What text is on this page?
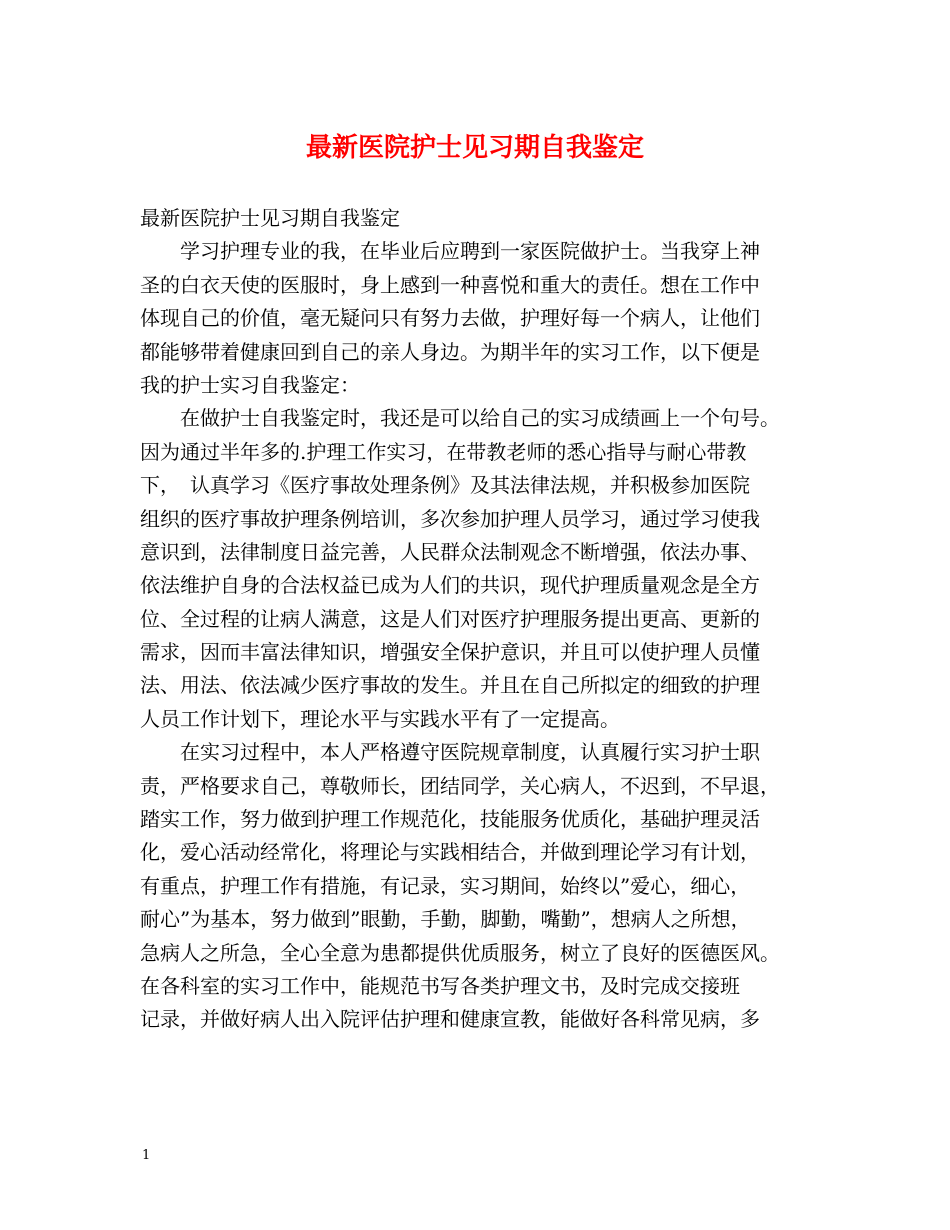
最新医院护士见习期自我鉴定
最新医院护士见习期自我鉴定
　　学习护理专业的我，在毕业后应聘到一家医院做护士。当我穿上神
圣的白衣天使的医服时，身上感到一种喜悦和重大的责任。想在工作中
体现自己的价值，毫无疑问只有努力去做，护理好每一个病人，让他们
都能够带着健康回到自己的亲人身边。为期半年的实习工作，以下便是
我的护士实习自我鉴定：
　　在做护士自我鉴定时，我还是可以给自己的实习成绩画上一个句号。
因为通过半年多的.护理工作实习，在带教老师的悉心指导与耐心带教
下，　认真学习《医疗事故处理条例》及其法律法规，并积极参加医院
组织的医疗事故护理条例培训，多次参加护理人员学习，通过学习使我
意识到，法律制度日益完善，人民群众法制观念不断增强，依法办事、
依法维护自身的合法权益已成为人们的共识，现代护理质量观念是全方
位、全过程的让病人满意，这是人们对医疗护理服务提出更高、更新的
需求，因而丰富法律知识，增强安全保护意识，并且可以使护理人员懂
法、用法、依法减少医疗事故的发生。并且在自己所拟定的细致的护理
人员工作计划下，理论水平与实践水平有了一定提高。
　　在实习过程中，本人严格遵守医院规章制度，认真履行实习护士职
责，严格要求自己，尊敬师长，团结同学，关心病人，不迟到，不早退，
踏实工作，努力做到护理工作规范化，技能服务优质化，基础护理灵活
化，爱心活动经常化，将理论与实践相结合，并做到理论学习有计划，
有重点，护理工作有措施，有记录，实习期间，始终以”爱心，细心，
耐心”为基本，努力做到”眼勤，手勤，脚勤，嘴勤”，想病人之所想，
急病人之所急，全心全意为患都提供优质服务，树立了良好的医德医风。
在各科室的实习工作中，能规范书写各类护理文书，及时完成交接班
记录，并做好病人出入院评估护理和健康宣教，能做好各科常见病，多
1
